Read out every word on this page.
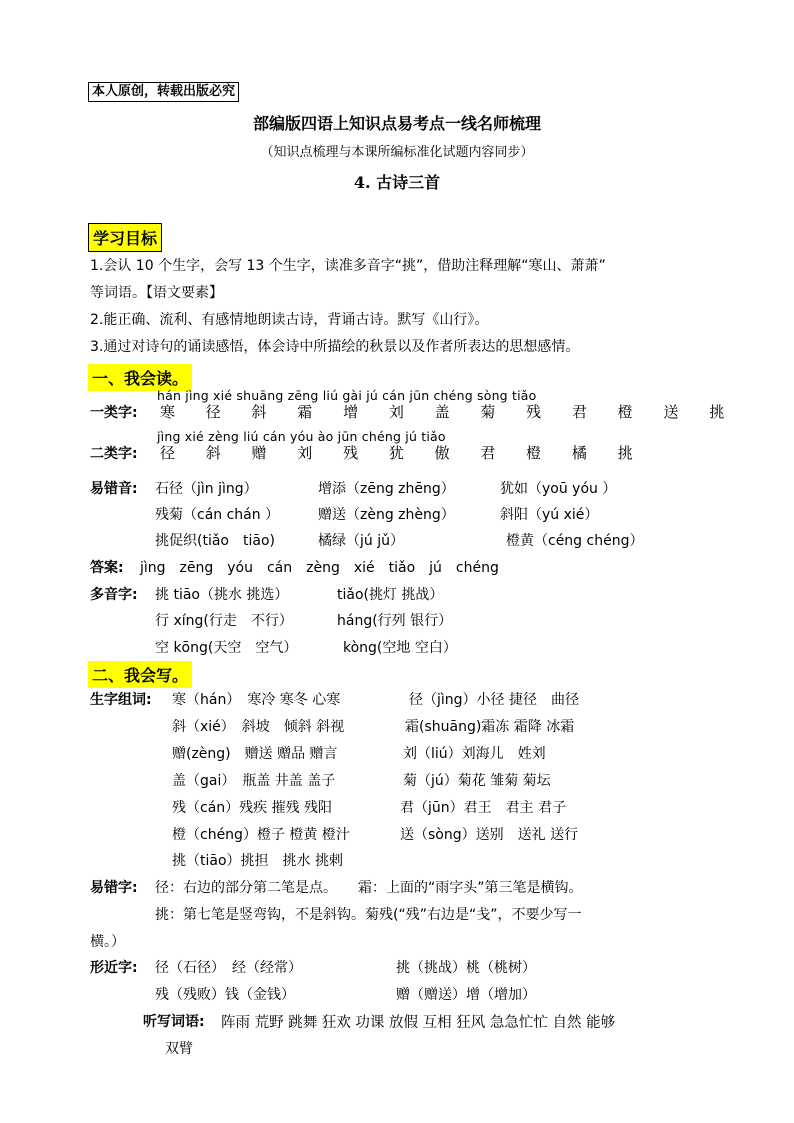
本人原创，转载出版必究
部编版四语上知识点易考点一线名师梳理
（知识点梳理与本课所编标准化试题内容同步）
4. 古诗三首
学习目标
1.会认 10 个生字，会写 13 个生字，读准多音字“挑”，借助注释理解“寒山、萧萧”
等词语。【语文要素】
2.能正确、流利、有感情地朗读古诗，背诵古诗。默写《山行》。
3.通过对诗句的诵读感悟，体会诗中所描绘的秋景以及作者所表达的思想感情。
一、我会读。
一类字:
hán jìng xié shuāng zēng liú gài jú cán jūn chéng sòng tiǎo
寒 径 斜 霜 增 刘 盖 菊 残 君 橙 送 挑
二类字:
jìng xié zèng liú cán yóu ào jūn chéng jú tiǎo
径 斜 赠 刘 残 犹 傲 君 橙 橘 挑
易错音: 石径（jìn jìng）	增添（zēng zhēng）	犹如（yoū yóu ）
残菊（cán chán ）	赠送（zèng zhèng）	斜阳（yú xié）
挑促织(tiǎo　tiāo)	橘绿（jú jǔ）	橙黄（céng chéng）
答案: jìng　zēng　yóu　cán　zèng　xié　tiǎo　jú　chéng
多音字: 挑 tiāo（挑水 挑选）	tiǎo(挑灯 挑战）
行 xíng(行走　不行）	háng(行列 银行）
空 kōng(天空　空气）	kòng(空地 空白）
二、我会写。
生字组词: 寒（hán）　寒冷 寒冬 心寒	径（jìng）小径 捷径　曲径
斜（xié）　斜坡　倾斜 斜视	霜(shuāng)霜冻 霜降 冰霜
赠(zèng)　赠送 赠品 赠言	刘（liú）刘海儿　姓刘
盖（gai）　瓶盖 井盖 盖子	菊（jú）菊花 雏菊 菊坛
残（cán）残疾 摧残 残阳	君（jūn）君王　君主 君子
橙（chéng）橙子 橙黄 橙汁	送（sòng）送别　送礼 送行
挑（tiāo）挑担　挑水 挑剌
易错字: 径：右边的部分第二笔是点。　　霜：上面的“雨字头”第三笔是横钩。
挑：第七笔是竖弯钩，不是斜钩。菊残(“残”右边是“戋”，不要少写一
横。）
形近字: 径（石径）　经（经常）	挑（挑战）桃（桃树）
残（残败）钱（金钱）	赠（赠送）增（增加）
听写词语: 阵雨 荒野 跳舞 狂欢 功课 放假 互相 狂风 急急忙忙 自然 能够
双臂
